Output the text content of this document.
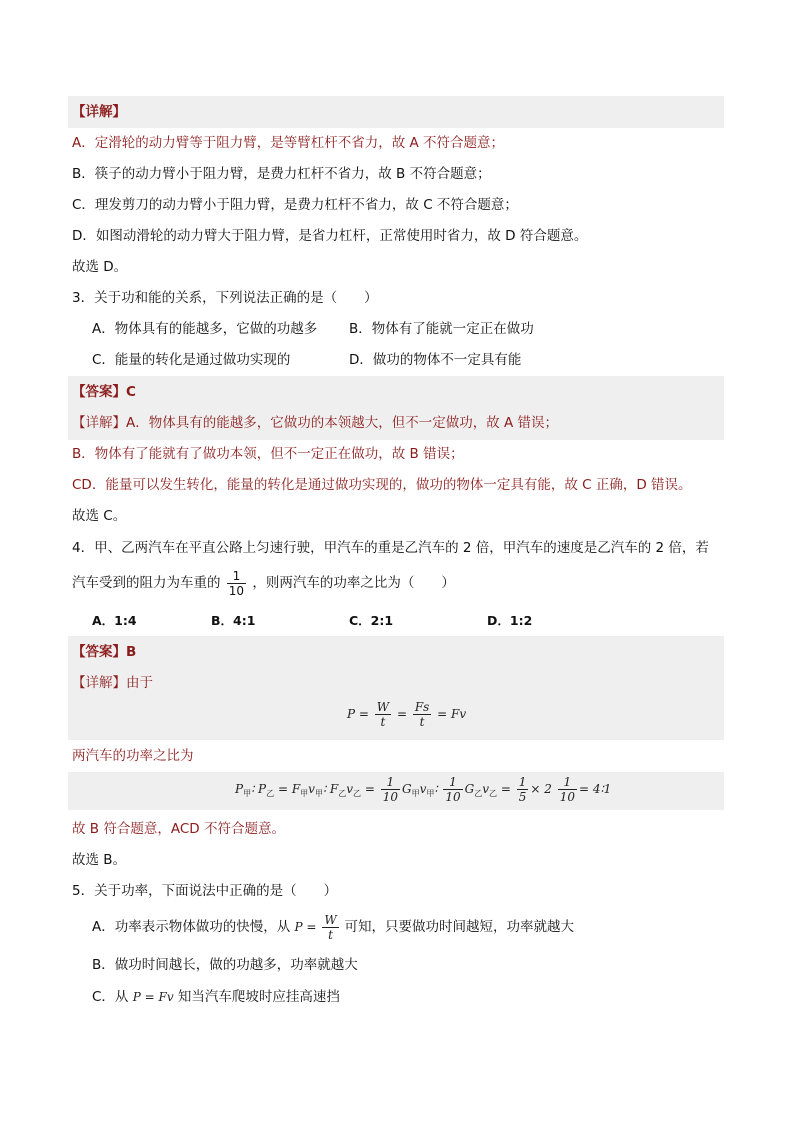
【详解】
A．定滑轮的动力臂等于阻力臂，是等臂杠杆不省力，故 A 不符合题意；
B．筷子的动力臂小于阻力臂，是费力杠杆不省力，故 B 不符合题意；
C．理发剪刀的动力臂小于阻力臂，是费力杠杆不省力，故 C 不符合题意；
D．如图动滑轮的动力臂大于阻力臂，是省力杠杆，正常使用时省力，故 D 符合题意。
故选 D。
3．关于功和能的关系，下列说法正确的是（　　）
A．物体具有的能越多，它做的功越多 B．物体有了能就一定正在做功
C．能量的转化是通过做功实现的	D．做功的物体不一定具有能
【答案】C
【详解】A．物体具有的能越多，它做功的本领越大，但不一定做功，故 A 错误；
B．物体有了能就有了做功本领，但不一定正在做功，故 B 错误；
CD．能量可以发生转化，能量的转化是通过做功实现的，做功的物体一定具有能，故 C 正确，D 错误。
故选 C。
4．甲、乙两汽车在平直公路上匀速行驶，甲汽车的重是乙汽车的 2 倍，甲汽车的速度是乙汽车的 2 倍，若
汽车受到的阻力为车重的 $\frac{1}{10}$ ，则两汽车的功率之比为（　　）
A．1:4	B．4:1	C．2:1	D．1:2
【答案】B
【详解】由于
$P = \frac{W}{t} = \frac{Fs}{t} = Fv$
两汽车的功率之比为
$P_甲∶$ $P_乙$ = $F_甲v_甲∶$ $F_乙v_乙 = \frac{1}{10}$ $G_甲v_甲∶ \frac{1}{10} G_乙v_乙 = \frac{1}{5} \times 2 \frac{1}{10}$ = 4∶1
故 B 符合题意，ACD 不符合题意。
故选 B。
5．关于功率，下面说法中正确的是（　　）
A．功率表示物体做功的快慢，从 $P = \frac{W}{t}$ 可知，只要做功时间越短，功率就越大
B．做功时间越长，做的功越多，功率就越大
C．从 P = Fv 知当汽车爬坡时应挂高速挡
